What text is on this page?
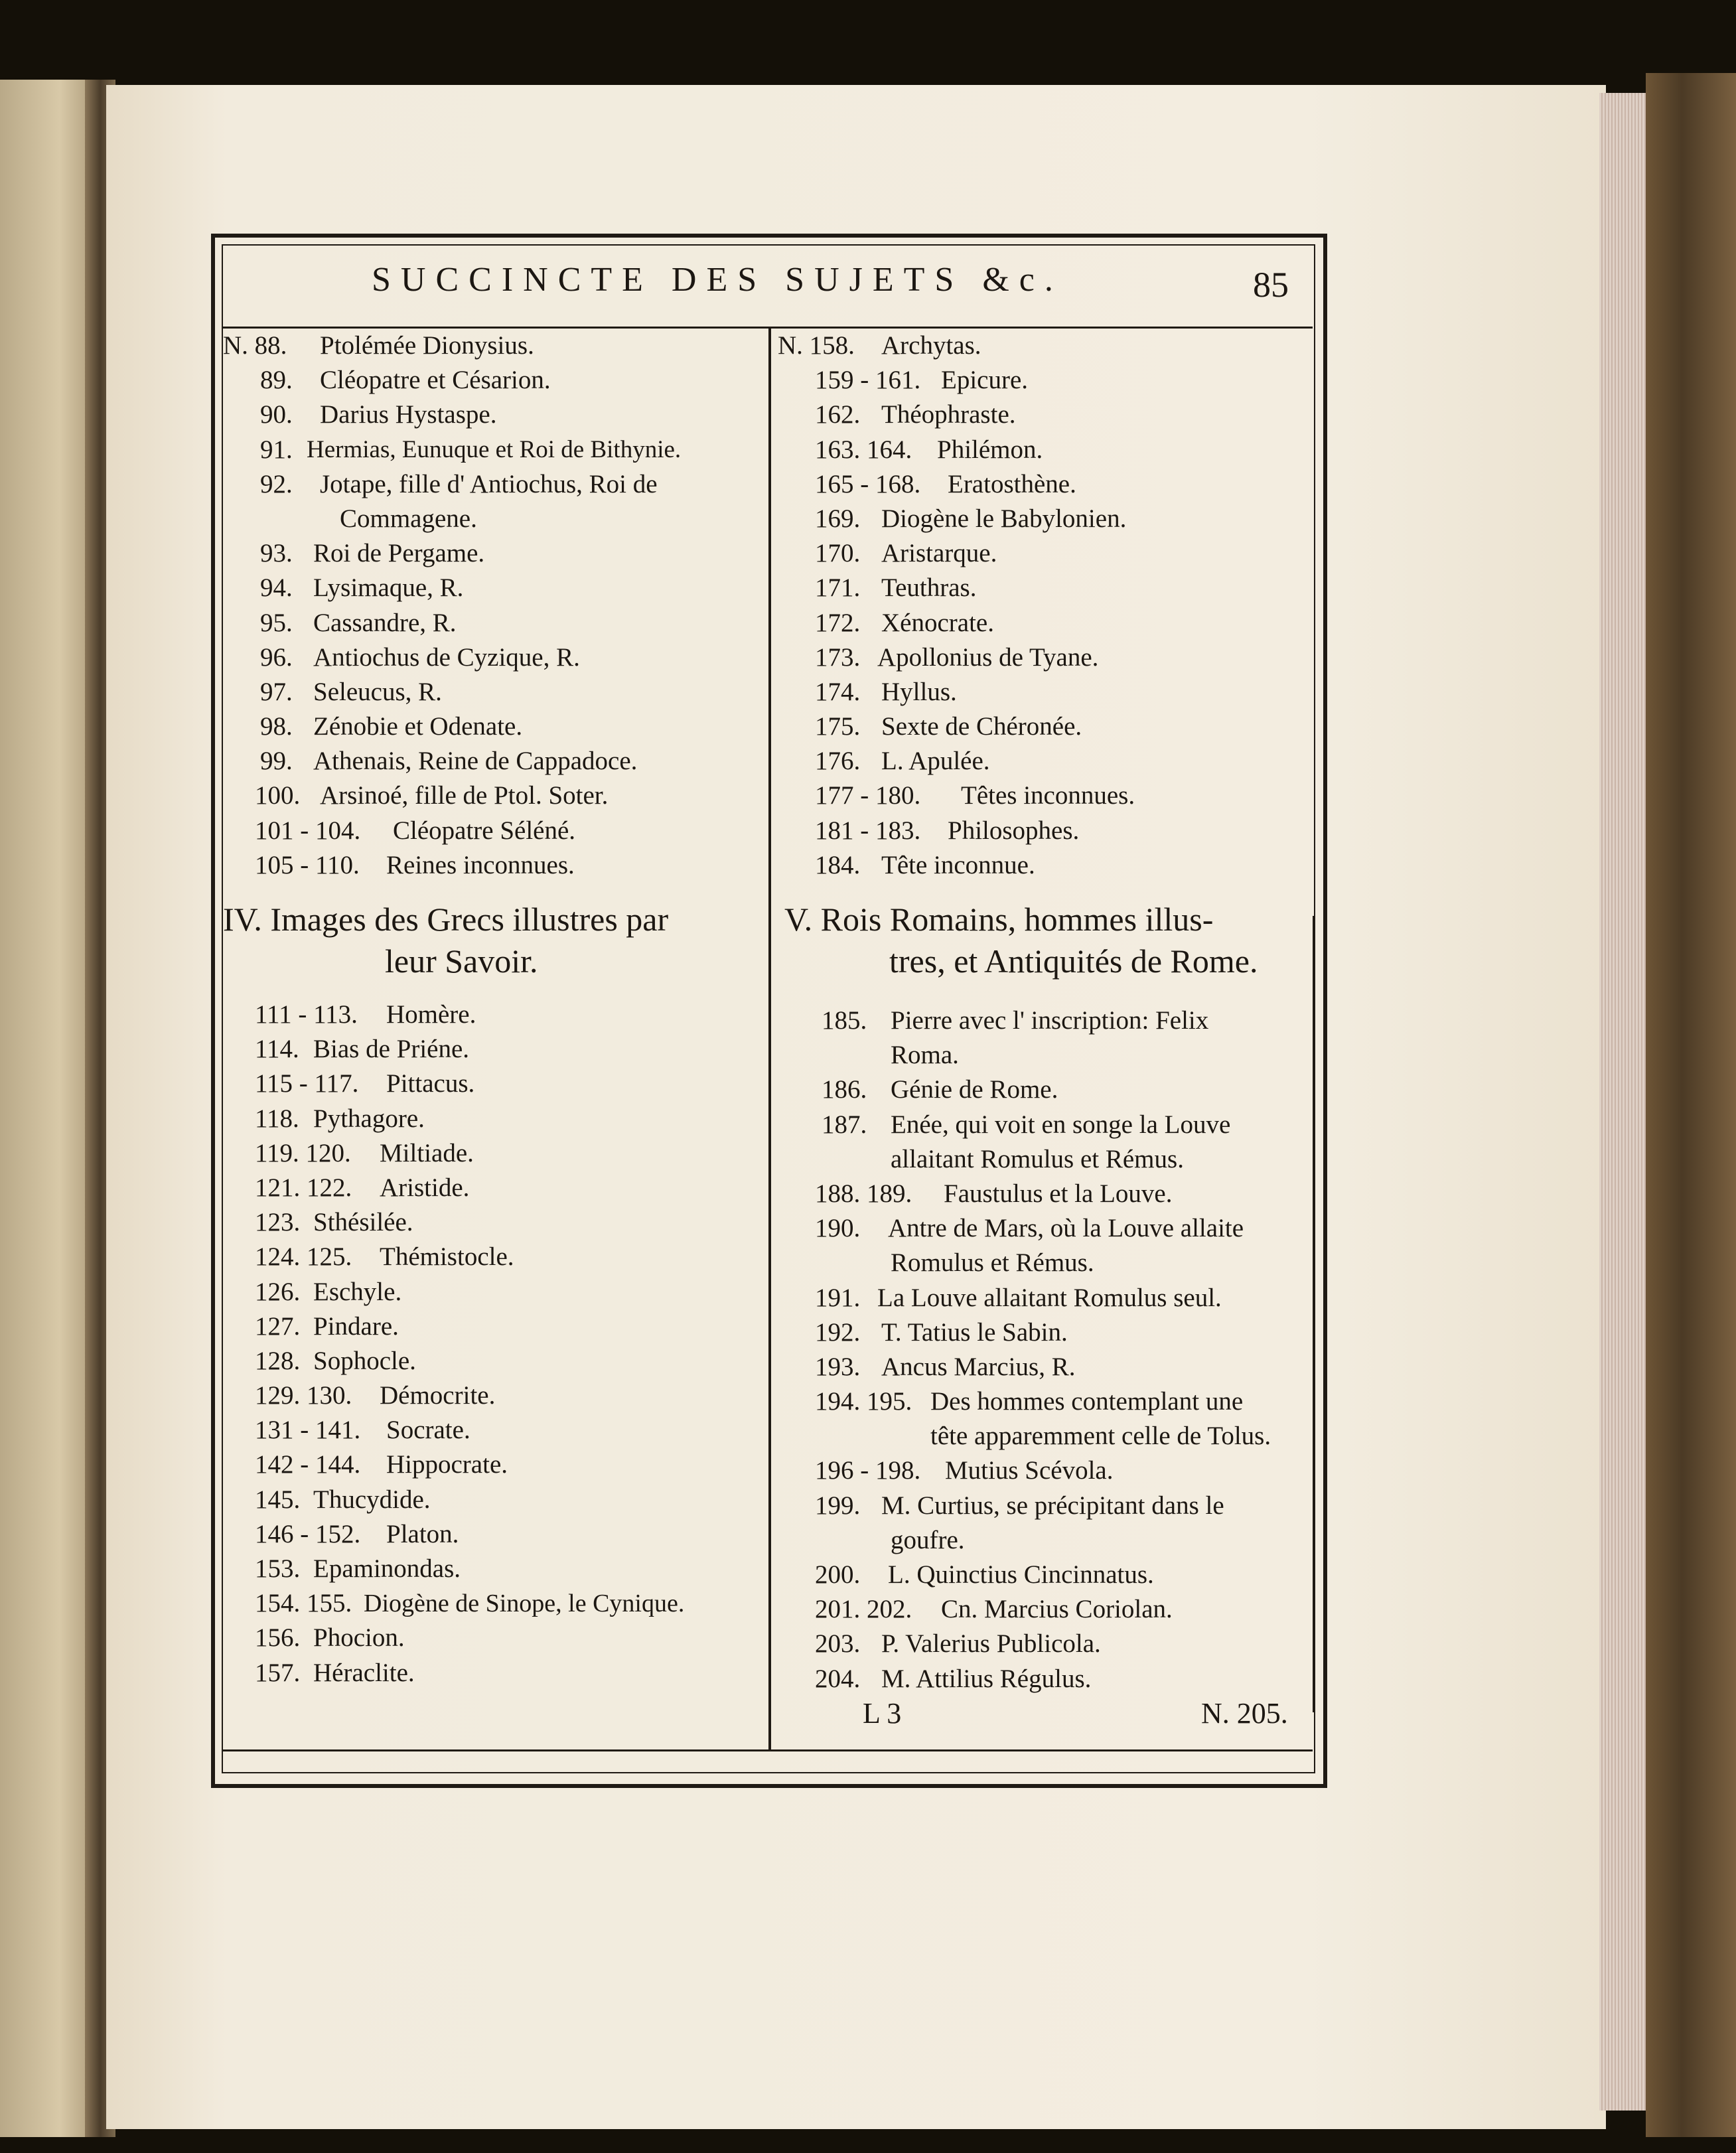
SUCCINCTE DES SUJETS &c.	85
N. 88. Ptolémée Dionysius.
89. Cléopatre et Césarion.
90. Darius Hystaspe.
91. Hermias, Eunuque et Roi de Bithynie.
92. Jotape, fille d' Antiochus, Roi de
Commagene.
93. Roi de Pergame.
94. Lysimaque, R.
95. Cassandre, R.
96. Antiochus de Cyzique, R.
97. Seleucus, R.
98. Zénobie et Odenate.
99. Athenais, Reine de Cappadoce.
100. Arsinoé, fille de Ptol. Soter.
101 - 104. Cléopatre Séléné.
105 - 110. Reines inconnues.
IV. Images des Grecs illustres par
leur Savoir.
111 - 113. Homère.
114. Bias de Priéne.
115 - 117. Pittacus.
118. Pythagore.
119. 120. Miltiade.
121. 122. Aristide.
123. Sthésilée.
124. 125. Thémistocle.
126. Eschyle.
127. Pindare.
128. Sophocle.
129. 130. Démocrite.
131 - 141. Socrate.
142 - 144. Hippocrate.
145. Thucydide.
146 - 152. Platon.
153. Epaminondas.
154. 155. Diogène de Sinope, le Cynique.
156. Phocion.
157. Héraclite.
N. 158. Archytas.
159 - 161. Epicure.
162. Théophraste.
163. 164. Philémon.
165 - 168. Eratosthène.
169. Diogène le Babylonien.
170. Aristarque.
171. Teuthras.
172. Xénocrate.
173. Apollonius de Tyane.
174. Hyllus.
175. Sexte de Chéronée.
176. L. Apulée.
177 - 180. Têtes inconnues.
181 - 183. Philosophes.
184. Tête inconnue.
V. Rois Romains, hommes illus-
tres, et Antiquités de Rome.
185. Pierre avec l' inscription: Felix
Roma.
186. Génie de Rome.
187. Enée, qui voit en songe la Louve
allaitant Romulus et Rémus.
188. 189. Faustulus et la Louve.
190. Antre de Mars, où la Louve allaite
Romulus et Rémus.
191. La Louve allaitant Romulus seul.
192. T. Tatius le Sabin.
193. Ancus Marcius, R.
194. 195. Des hommes contemplant une
tête apparemment celle de Tolus.
196 - 198. Mutius Scévola.
199. M. Curtius, se précipitant dans le
goufre.
200. L. Quinctius Cincinnatus.
201. 202. Cn. Marcius Coriolan.
203. P. Valerius Publicola.
204. M. Attilius Régulus.
L 3	N. 205.
